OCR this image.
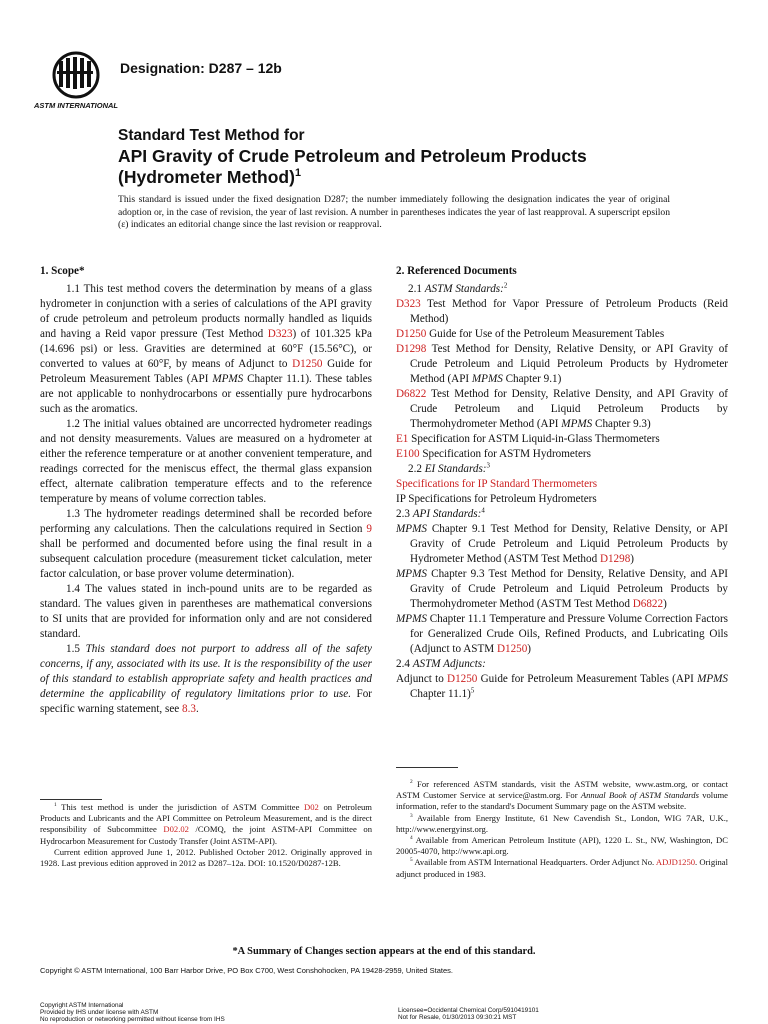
ASTM INTERNATIONAL
Designation: D287 – 12b
Standard Test Method for
API Gravity of Crude Petroleum and Petroleum Products
(Hydrometer Method)$^1$
This standard is issued under the fixed designation D287; the number immediately following the designation indicates the year of original adoption or, in the case of revision, the year of last revision. A number in parentheses indicates the year of last reapproval. A superscript epsilon (ε) indicates an editorial change since the last revision or reapproval.
1. Scope*

1.1 This test method covers the determination by means of a glass hydrometer in conjunction with a series of calculations of the API gravity of crude petroleum and petroleum products normally handled as liquids and having a Reid vapor pressure (Test Method D323) of 101.325 kPa (14.696 psi) or less. Gravities are determined at 60°F (15.56°C), or converted to values at 60°F, by means of Adjunct to D1250 Guide for Petroleum Measurement Tables (API MPMS Chapter 11.1). These tables are not applicable to nonhydrocarbons or essentially pure hydrocarbons such as the aromatics.

1.2 The initial values obtained are uncorrected hydrometer readings and not density measurements. Values are measured on a hydrometer at either the reference temperature or at another convenient temperature, and readings corrected for the meniscus effect, the thermal glass expansion effect, alternate calibration temperature effects and to the reference temperature by means of volume correction tables.

1.3 The hydrometer readings determined shall be recorded before performing any calculations. Then the calculations required in Section 9 shall be performed and documented before using the final result in a subsequent calculation procedure (measurement ticket calculation, meter factor calculation, or base prover volume determination).

1.4 The values stated in inch-pound units are to be regarded as standard. The values given in parentheses are mathematical conversions to SI units that are provided for information only and are not considered standard.

1.5 This standard does not purport to address all of the safety concerns, if any, associated with its use. It is the responsibility of the user of this standard to establish appropriate safety and health practices and determine the applicability of regulatory limitations prior to use. For specific warning statement, see 8.3.

2. Referenced Documents
2.1 ASTM Standards:$^2$

D323 Test Method for Vapor Pressure of Petroleum Products (Reid Method)

D1250 Guide for Use of the Petroleum Measurement Tables

D1298 Test Method for Density, Relative Density, or API Gravity of Crude Petroleum and Liquid Petroleum Products by Hydrometer Method (API MPMS Chapter 9.1)

D6822 Test Method for Density, Relative Density, and API Gravity of Crude Petroleum and Liquid Petroleum Products by Thermohydrometer Method (API MPMS Chapter 9.3)

E1 Specification for ASTM Liquid-in-Glass Thermometers

E100 Specification for ASTM Hydrometers

2.2 EI Standards:$^3$

Specifications for IP Standard Thermometers

IP Specifications for Petroleum Hydrometers

2.3 API Standards:$^4$

MPMS Chapter 9.1 Test Method for Density, Relative Density, or API Gravity of Crude Petroleum and Liquid Petroleum Products by Hydrometer Method (ASTM Test Method D1298)

MPMS Chapter 9.3 Test Method for Density, Relative Density, and API Gravity of Crude Petroleum and Liquid Petroleum Products by Thermohydrometer Method (ASTM Test Method D6822)

MPMS Chapter 11.1 Temperature and Pressure Volume Correction Factors for Generalized Crude Oils, Refined Products, and Lubricating Oils (Adjunct to ASTM D1250)

2.4 ASTM Adjuncts:

Adjunct to D1250 Guide for Petroleum Measurement Tables (API MPMS Chapter 11.1)$^5$

$^1$ This test method is under the jurisdiction of ASTM Committee D02 on Petroleum Products and Lubricants and the API Committee on Petroleum Measurement, and is the direct responsibility of Subcommittee D02.02 /COMQ, the joint ASTM-API Committee on Hydrocarbon Measurement for Custody Transfer (Joint ASTM-API).

Current edition approved June 1, 2012. Published October 2012. Originally approved in 1928. Last previous edition approved in 2012 as D287–12a. DOI: 10.1520/D0287-12B.

$^2$ For referenced ASTM standards, visit the ASTM website, www.astm.org, or contact ASTM Customer Service at service@astm.org. For Annual Book of ASTM Standards volume information, refer to the standard's Document Summary page on the ASTM website.

$^3$ Available from Energy Institute, 61 New Cavendish St., London, WIG 7AR, U.K., http://www.energyinst.org.

$^4$ Available from American Petroleum Institute (API), 1220 L. St., NW, Washington, DC 20005-4070, http://www.api.org.

$^5$ Available from ASTM International Headquarters. Order Adjunct No. ADJD1250. Original adjunct produced in 1983.

*A Summary of Changes section appears at the end of this standard.
Copyright © ASTM International, 100 Barr Harbor Drive, PO Box C700, West Conshohocken, PA 19428-2959, United States.
Copyright ASTM International
Provided by IHS under license with ASTM
No reproduction or networking permitted without license from IHS
Licensee=Occidental Chemical Corp/5910419101
Not for Resale, 01/30/2013 09:30:21 MST
